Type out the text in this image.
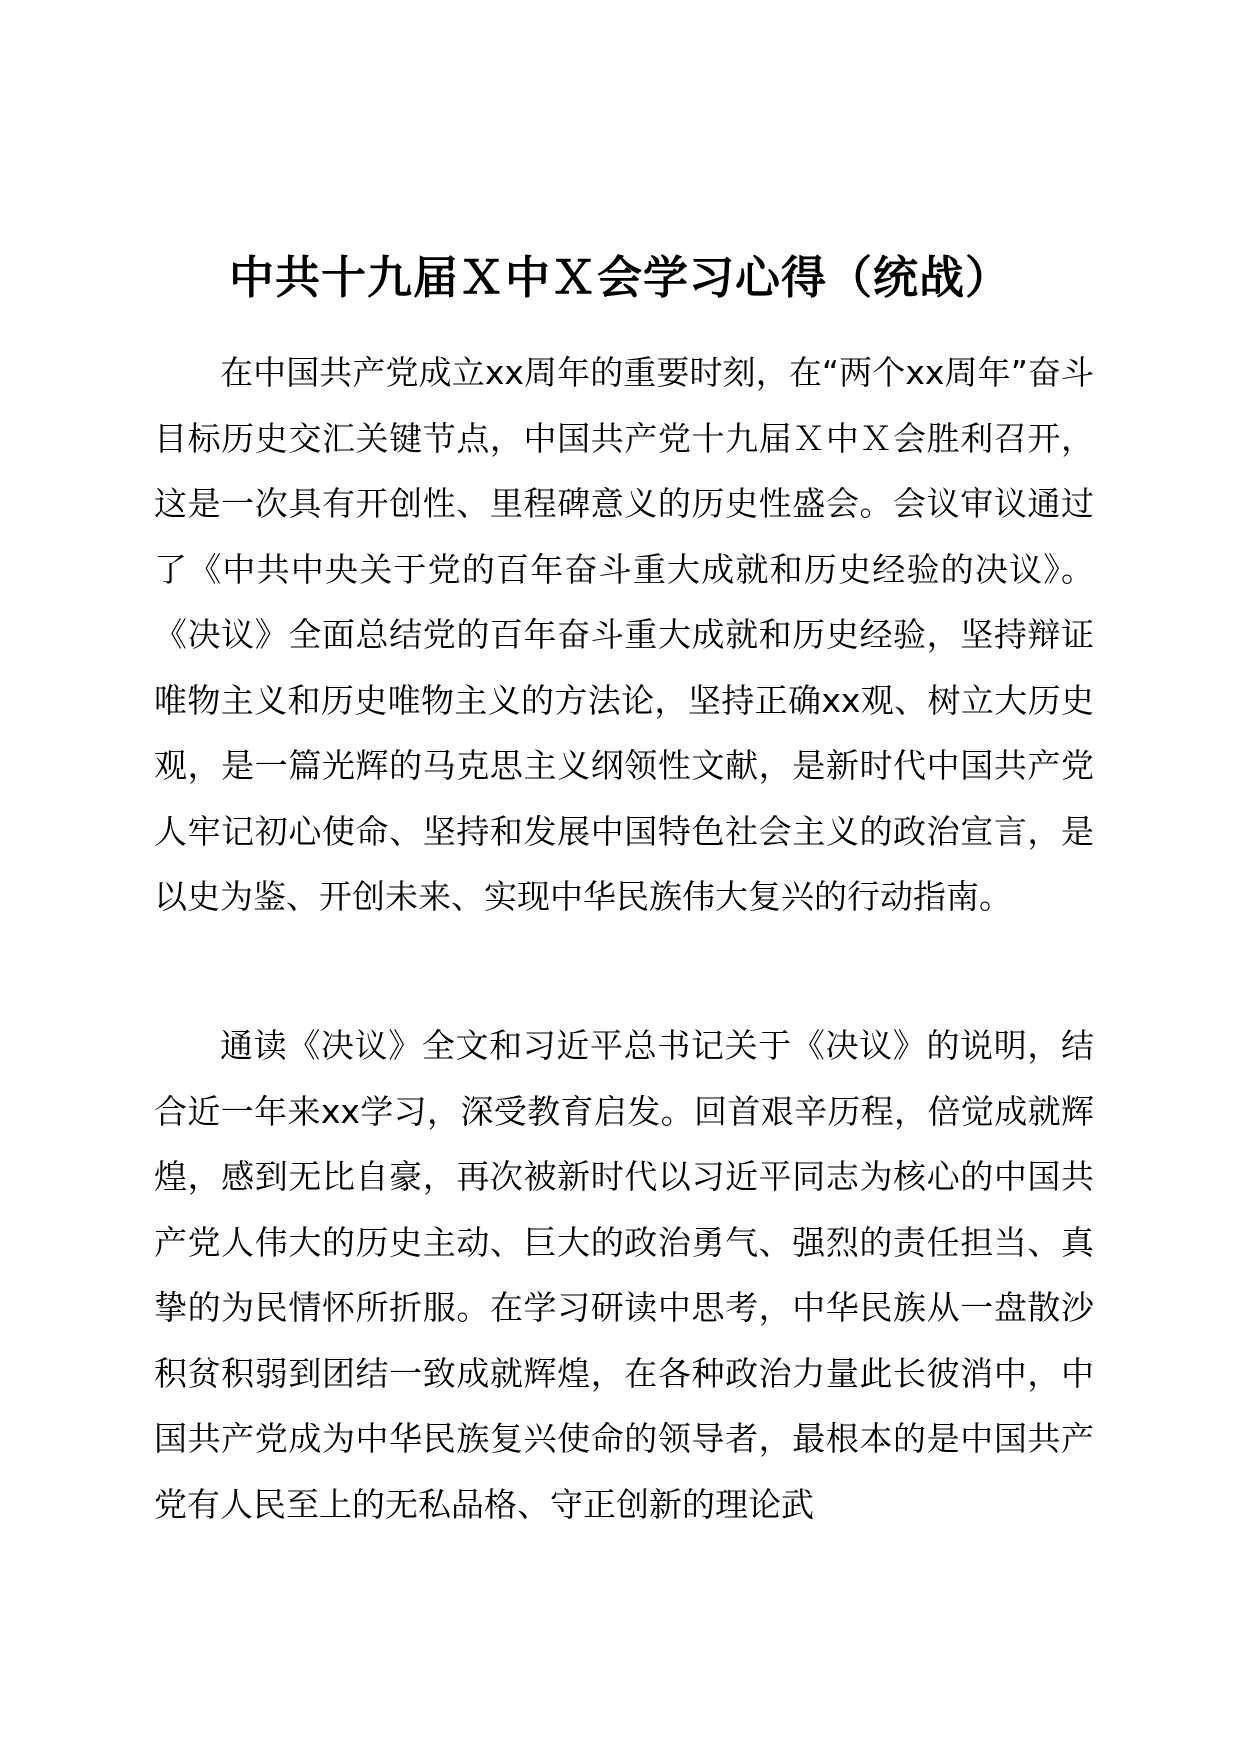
中共十九届Ｘ中Ｘ会学习心得（统战）

在中国共产党成立xx周年的重要时刻，在“两个xx周年”奋斗目标历史交汇关键节点，中国共产党十九届Ｘ中Ｘ会胜利召开，这是一次具有开创性、里程碑意义的历史性盛会。会议审议通过了《中共中央关于党的百年奋斗重大成就和历史经验的决议》。《决议》全面总结党的百年奋斗重大成就和历史经验，坚持辩证唯物主义和历史唯物主义的方法论，坚持正确xx观、树立大历史观，是一篇光辉的马克思主义纲领性文献，是新时代中国共产党人牢记初心使命、坚持和发展中国特色社会主义的政治宣言，是以史为鉴、开创未来、实现中华民族伟大复兴的行动指南。

通读《决议》全文和习近平总书记关于《决议》的说明，结合近一年来xx学习，深受教育启发。回首艰辛历程，倍觉成就辉煌，感到无比自豪，再次被新时代以习近平同志为核心的中国共产党人伟大的历史主动、巨大的政治勇气、强烈的责任担当、真挚的为民情怀所折服。在学习研读中思考，中华民族从一盘散沙积贫积弱到团结一致成就辉煌，在各种政治力量此长彼消中，中国共产党成为中华民族复兴使命的领导者，最根本的是中国共产党有人民至上的无私品格、守正创新的理论武
